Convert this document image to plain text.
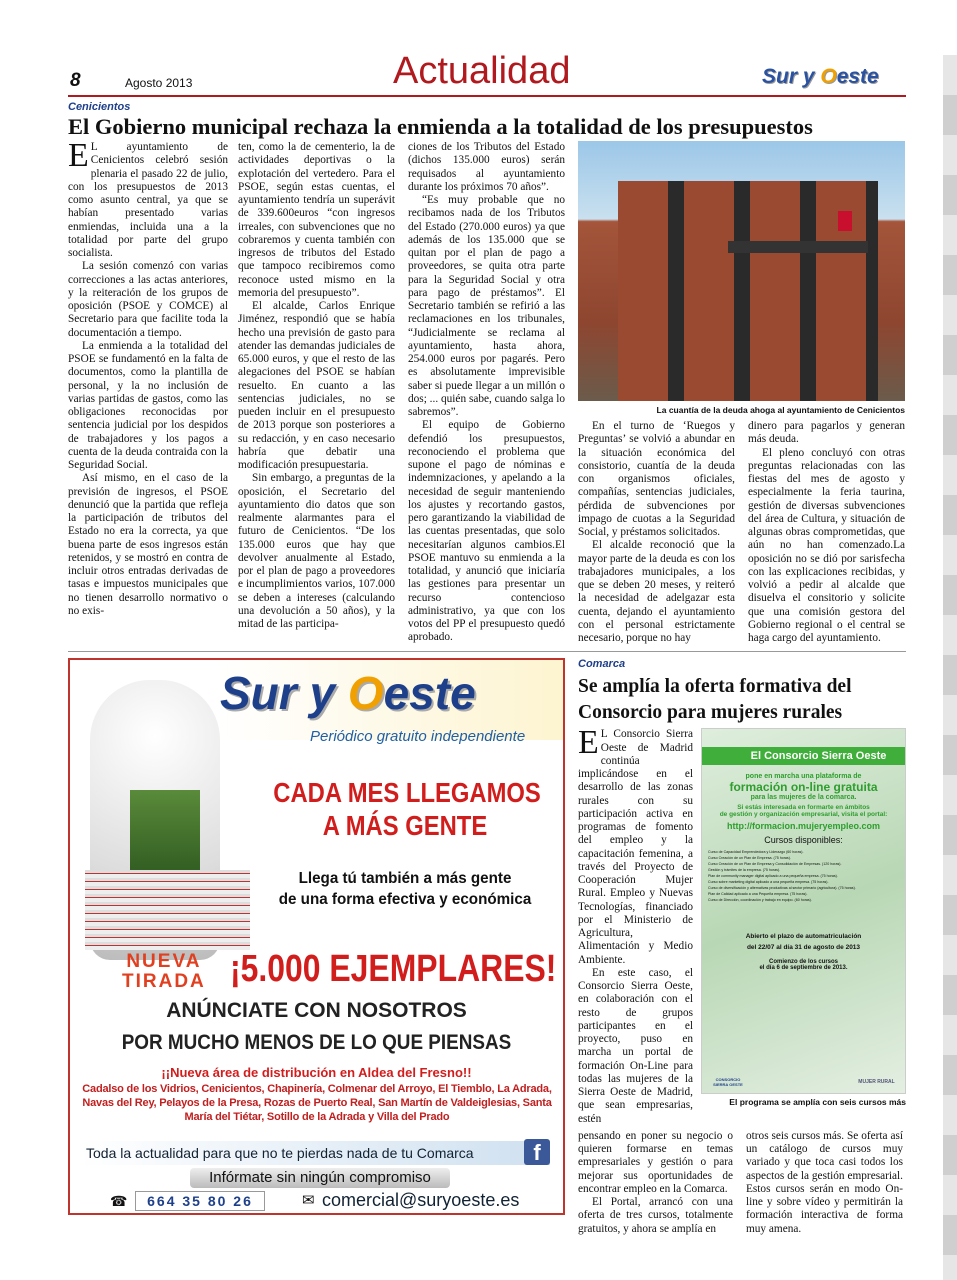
8	Agosto 2013	Actualidad	Sur y Oeste
Cenicientos
El Gobierno municipal rechaza la enmienda a la totalidad de los presupuestos

E L ayuntamiento de Cenicientos celebró sesión plenaria el pasado 22 de julio, con los presupuestos de 2013 como asunto central, ya que se habían presentado varias enmiendas, incluida una a la totalidad por parte del grupo socialista.

La sesión comenzó con varias correcciones a las actas anteriores, y la reiteración de los grupos de oposición (PSOE y COMCE) al Secretario para que facilite toda la documentación a tiempo.

La enmienda a la totalidad del PSOE se fundamentó en la falta de documentos, como la plantilla de personal, y la no inclusión de varias partidas de gastos, como las obligaciones reconocidas por sentencia judicial por los despidos de trabajadores y los pagos a cuenta de la deuda contraida con la Seguridad Social.

Así mismo, en el caso de la previsión de ingresos, el PSOE denunció que la partida que refleja la participación de tributos del Estado no era la correcta, ya que buena parte de esos ingresos están retenidos, y se mostró en contra de incluir otros entradas derivadas de tasas e impuestos municipales que no tienen desarrollo normativo o no exis-

ten, como la de cementerio, la de actividades deportivas o la explotación del vertedero. Para el PSOE, según estas cuentas, el ayuntamiento tendría un superávit de 339.600euros “con ingresos irreales, con subvenciones que no cobraremos y cuenta también con ingresos de tributos del Estado que tampoco recibiremos como reconoce usted mismo en la memoria del presupuesto”.

El alcalde, Carlos Enrique Jiménez, respondió que se había hecho una previsión de gasto para atender las demandas judiciales de 65.000 euros, y que el resto de las alegaciones del PSOE se habían resuelto. En cuanto a las sentencias judiciales, no se pueden incluir en el presupuesto de 2013 porque son posteriores a su redacción, y en caso necesario habría que debatir una modificación presupuestaria.

Sin embargo, a preguntas de la oposición, el Secretario del ayuntamiento dio datos que son realmente alarmantes para el futuro de Cenicientos. “De los 135.000 euros que hay que devolver anualmente al Estado, por el plan de pago a proveedores e incumplimientos varios, 107.000 se deben a intereses (calculando una devolución a 50 años), y la mitad de las participa-

ciones de los Tributos del Estado (dichos 135.000 euros) serán requisados al ayuntamiento durante los próximos 70 años”.

“Es muy probable que no recibamos nada de los Tributos del Estado (270.000 euros) ya que además de los 135.000 que se quitan por el plan de pago a proveedores, se quita otra parte para la Seguridad Social y otra para pago de préstamos”. El Secretario también se refirió a las reclamaciones en los tribunales, “Judicialmente se reclama al ayuntamiento, hasta ahora, 254.000 euros por pagarés. Pero es absolutamente imprevisible saber si puede llegar a un millón o dos; ... quién sabe, cuando salga lo sabremos”.

El equipo de Gobierno defendió los presupuestos, reconociendo el problema que supone el pago de nóminas e indemnizaciones, y apelando a la necesidad de seguir manteniendo los ajustes y recortando gastos, pero garantizando la viabilidad de las cuentas presentadas, que solo necesitarían algunos cambios.El PSOE mantuvo su enmienda a la totalidad, y anunció que iniciaría las gestiones para presentar un recurso contencioso administrativo, ya que con los votos del PP el presupuesto quedó aprobado.

La cuantía de la deuda ahoga al ayuntamiento de Cenicientos

En el turno de ‘Ruegos y Preguntas’ se volvió a abundar en la situación económica del consistorio, cuantía de la deuda con organismos oficiales, compañías, sentencias judiciales, pérdida de subvenciones por impago de cuotas a la Seguridad Social, y préstamos solicitados.

El alcalde reconoció que la mayor parte de la deuda es con los trabajadores municipales, a los que se deben 20 meses, y reiteró la necesidad de adelgazar esta cuenta, dejando el ayuntamiento con el personal estrictamente necesario, porque no hay

dinero para pagarlos y generan más deuda.

El pleno concluyó con otras preguntas relacionadas con las fiestas del mes de agosto y especialmente la feria taurina, gestión de diversas subvenciones del área de Cultura, y situación de algunas obras comprometidas, que aún no han comenzado.La oposición no se dió por sarisfecha con las explicaciones recibidas, y volvió a pedir al alcalde que disuelva el consitorio y solicite que una comisión gestora del Gobierno regional o el central se haga cargo del ayuntamiento.

Sur y Oeste
Periódico gratuito independiente
CADA MES LLEGAMOS
A MÁS GENTE
Llega tú también a más gente
de una forma efectiva y económica
NUEVA
TIRADA ¡5.000 EJEMPLARES!
ANÚNCIATE CON NOSOTROS
POR MUCHO MENOS DE LO QUE PIENSAS
¡¡Nueva área de distribución en Aldea del Fresno!!
Cadalso de los Vidrios, Cenicientos, Chapinería, Colmenar del Arroyo, El Tiemblo, La Adrada, Navas del Rey, Pelayos de la Presa, Rozas de Puerto Real, San Martín de Valdeiglesias, Santa María del Tiétar, Sotillo de la Adrada y Villa del Prado
Toda la actualidad para que no te pierdas nada de tu Comarca	f
Infórmate sin ningún compromiso
☎	664 35 80 26	✉ comercial@suryoeste.es
Comarca
Se amplía la oferta formativa del Consorcio para mujeres rurales

E L Consorcio Sierra Oeste de Madrid continúa implicándose en el desarrollo de las zonas rurales con su participación activa en programas de fomento del empleo y la capacitación femenina, a través del Proyecto de Cooperación Mujer Rural. Empleo y Nuevas Tecnologías, financiado por el Ministerio de Agricultura, Alimentación y Medio Ambiente.

En este caso, el Consorcio Sierra Oeste, en colaboración con el resto de grupos participantes en el proyecto, puso en marcha un portal de formación On-Line para todas las mujeres de la Sierra Oeste de Madrid, que sean empresarias, estén

El Consorcio Sierra Oeste
pone en marcha una plataforma de
formación on-line gratuita
para las mujeres de la comarca.
Si estás interesada en formarte en ámbitos
de gestión y organización empresarial, visita el portal:
http://formacion.mujeryempleo.com
Cursos disponibles:
Curso de Capacidad Emprendedora y Liderazgo (60 horas).
Curso Creación de un Plan de Empresa. (75 horas).
Curso Creación de un Plan de Empresa y Consolidación de Empresas. (120 horas).
Gestión y trámites de la empresa. (75 horas).
Plan de community manager digital aplicado a una pequeña empresa. (75 horas).
Curso sobre marketing digital aplicado a una pequeña empresa. (75 horas).
Curso de diversificación y alternativas productivas al sector primario (agricultura). (75 horas).
Plan de Calidad aplicado a una Pequeña empresa. (75 horas).
Curso de Dirección, coordinación y trabajo en equipo. (60 horas).
Abierto el plazo de automatriculación
del 22/07 al día 31 de agosto de 2013
Comienzo de los cursos
el día 6 de septiembre de 2013.
CONSORCIO SIERRA OESTE	MUJER RURAL
El programa se amplía con seis cursos más

pensando en poner su negocio o quieren formarse en temas empresariales y gestión o para mejorar sus oportunidades de encontrar empleo en la Comarca.

El Portal, arrancó con una oferta de tres cursos, totalmente gratuitos, y ahora se amplía en

otros seis cursos más. Se oferta así un catálogo de cursos muy variado y que toca casi todos los aspectos de la gestión empresarial. Estos cursos serán en modo On-line y sobre vídeo y permitirán la formación interactiva de forma muy amena.
